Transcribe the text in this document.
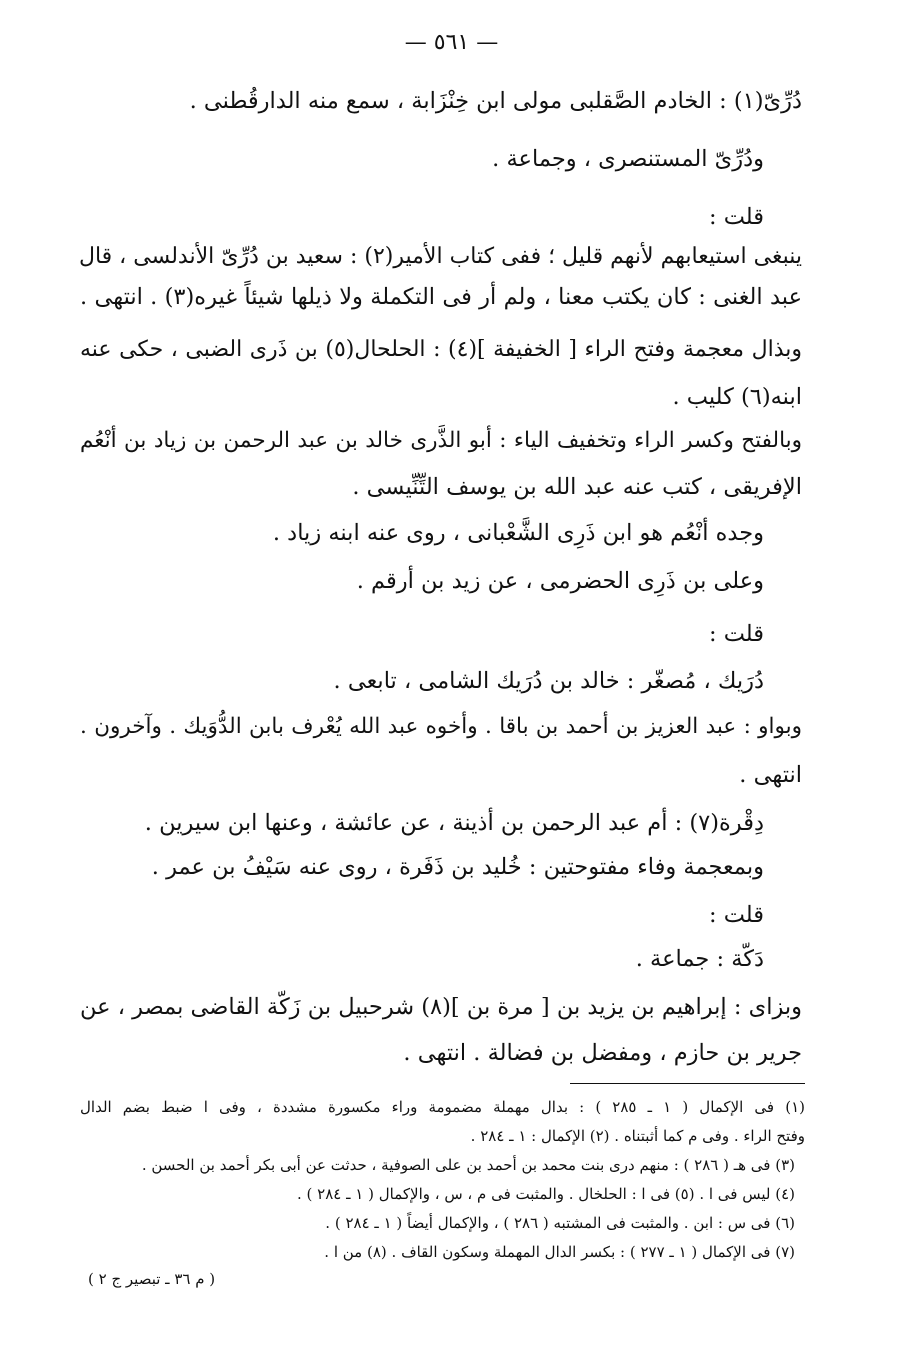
— ٥٦١ —
دُرِّىّ(١) : الخادم الصَّقلبى مولى ابن خِنْزَابة ، سمع منه الدارقُطنى .
ودُرِّىّ المستنصرى ، وجماعة .
قلت :
ينبغى استيعابهم لأنهم قليل ؛ ففى كتاب الأمير(٢) : سعيد بن دُرِّىّ الأندلسى ، قال
عبد الغنى : كان يكتب معنا ، ولم أر فى التكملة ولا ذيلها شيئاً غيره(٣) . انتهى .
وبذال معجمة وفتح الراء [ الخفيفة ](٤) : الحلحال(٥) بن ذَرى الضبى ، حكى عنه
ابنه(٦) كليب .
وبالفتح وكسر الراء وتخفيف الياء : أبو الذَّرى خالد بن عبد الرحمن بن زياد بن أنْعُم
الإفريقى ، كتب عنه عبد الله بن يوسف التِّنِّيسى .
وجده أنْعُم هو ابن ذَرِى الشَّعْبانى ، روى عنه ابنه زياد .
وعلى بن ذَرِى الحضرمى ، عن زيد بن أرقم .
قلت :
دُرَيك ، مُصغّر : خالد بن دُرَيك الشامى ، تابعى .
وبواو : عبد العزيز بن أحمد بن باقا . وأخوه عبد الله يُعْرف بابن الدُّوَيك . وآخرون .
انتهى .
دِقْرة(٧) : أم عبد الرحمن بن أذينة ، عن عائشة ، وعنها ابن سيرين .
وبمعجمة وفاء مفتوحتين : خُليد بن ذَفَرة ، روى عنه سَيْفُ بن عمر .
قلت :
دَكّة : جماعة .
وبزاى : إبراهيم بن يزيد بن [ مرة بن ](٨) شرحبيل بن زَكّة القاضى بمصر ، عن
جرير بن حازم ، ومفضل بن فضالة . انتهى .
(١) فى الإكمال ( ١ ـ ٢٨٥ ) : بدال مهملة مضمومة وراء مكسورة مشددة ، وفى ا ضبط بضم الدال
وفتح الراء . وفى م كما أثبتناه . (٢) الإكمال : ١ ـ ٢٨٤ .
(٣) فى هـ ( ٢٨٦ ) : منهم درى بنت محمد بن أحمد بن على الصوفية ، حدثت عن أبى بكر أحمد بن الحسن .
(٤) ليس فى ا . (٥) فى ا : الحلخال . والمثبت فى م ، س ، والإكمال ( ١ ـ ٢٨٤ ) .
(٦) فى س : ابن . والمثبت فى المشتبه ( ٢٨٦ ) ، والإكمال أيضاً ( ١ ـ ٢٨٤ ) .
(٧) فى الإكمال ( ١ ـ ٢٧٧ ) : بكسر الدال المهملة وسكون القاف . (٨) من ا .
( م ٣٦ ـ تبصير ج ٢ )
